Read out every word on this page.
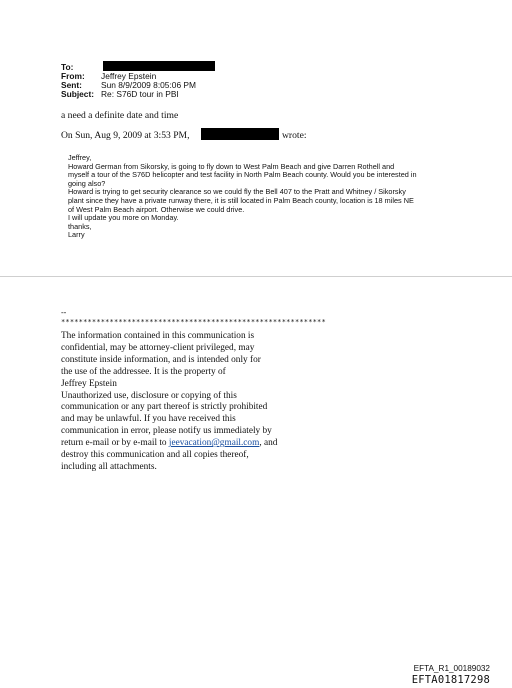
To:
From: Jeffrey Epstein
Sent: Sun 8/9/2009 8:05:06 PM
Subject: Re: S76D tour in PBI
a need a definite date and time
On Sun, Aug 9, 2009 at 3:53 PM,	wrote:
Jeffrey,
Howard German from Sikorsky, is going to fly down to West Palm Beach and give Darren Rothell and
myself a tour of the S76D helicopter and test facility in North Palm Beach county. Would you be interested in
going also?
Howard is trying to get security clearance so we could fly the Bell 407 to the Pratt and Whitney / Sikorsky
plant since they have a private runway there, it is still located in Palm Beach county, location is 18 miles NE
of West Palm Beach airport. Otherwise we could drive.
I will update you more on Monday.
thanks,
Larry
--
************************************************************
The information contained in this communication is
confidential, may be attorney-client privileged, may
constitute inside information, and is intended only for
the use of the addressee. It is the property of
Jeffrey Epstein
Unauthorized use, disclosure or copying of this
communication or any part thereof is strictly prohibited
and may be unlawful. If you have received this
communication in error, please notify us immediately by
return e-mail or by e-mail to jeevacation@gmail.com, and
destroy this communication and all copies thereof,
including all attachments.
EFTA_R1_00189032
EFTA01817298
